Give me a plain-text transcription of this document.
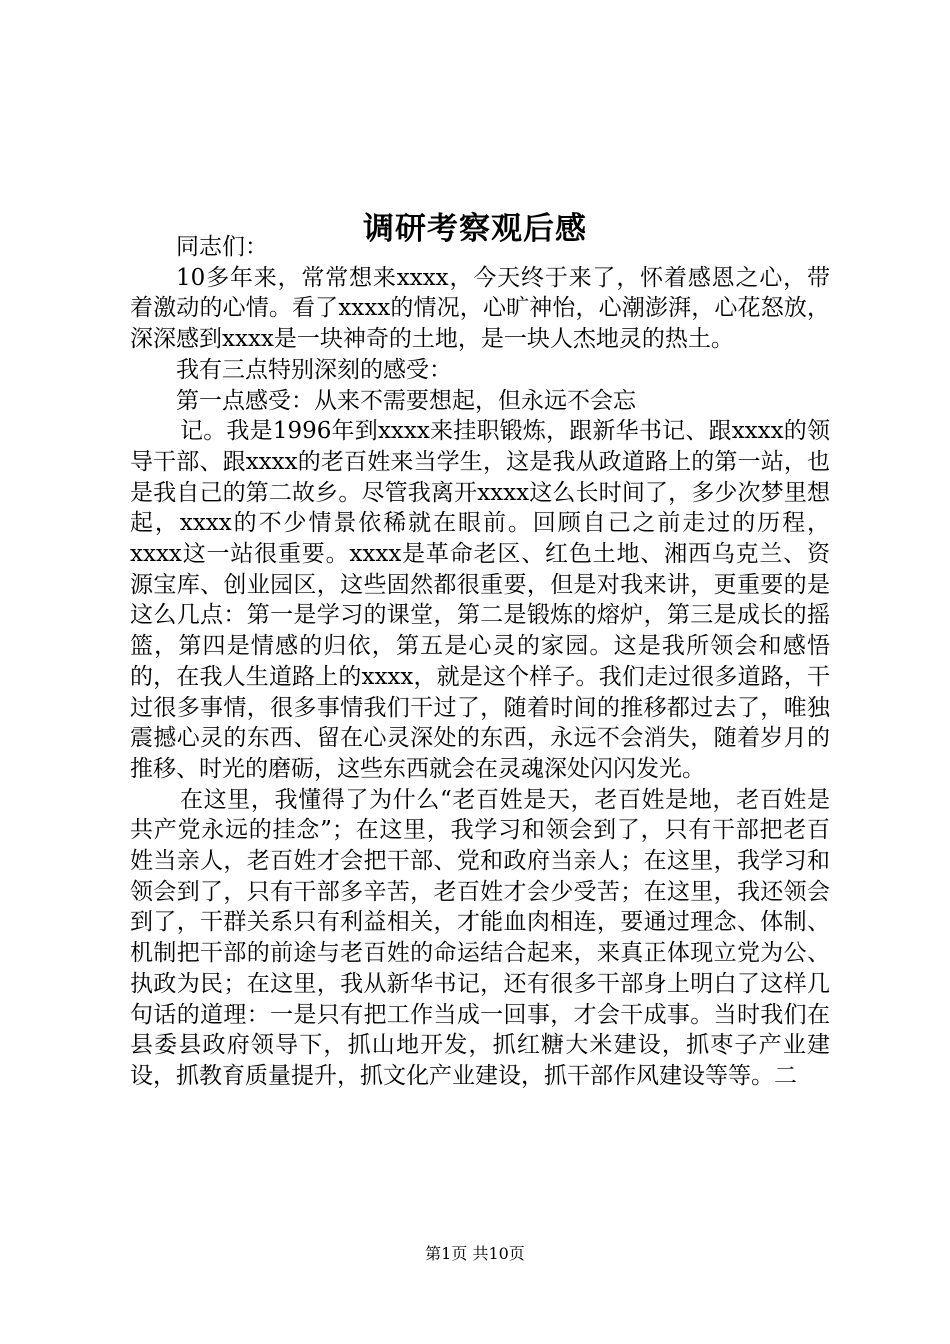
调研考察观后感

同志们：

10多年来，常常想来xxxx，今天终于来了，怀着感恩之心，带着激动的心情。看了xxxx的情况，心旷神怡，心潮澎湃，心花怒放，深深感到xxxx是一块神奇的土地，是一块人杰地灵的热土。

我有三点特别深刻的感受：

第一点感受：从来不需要想起，但永远不会忘

记。我是1996年到xxxx来挂职锻炼，跟新华书记、跟xxxx的领导干部、跟xxxx的老百姓来当学生，这是我从政道路上的第一站，也是我自己的第二故乡。尽管我离开xxxx这么长时间了，多少次梦里想起，xxxx的不少情景依稀就在眼前。回顾自己之前走过的历程，xxxx这一站很重要。xxxx是革命老区、红色土地、湘西乌克兰、资源宝库、创业园区，这些固然都很重要，但是对我来讲，更重要的是这么几点：第一是学习的课堂，第二是锻炼的熔炉，第三是成长的摇篮，第四是情感的归依，第五是心灵的家园。这是我所领会和感悟的，在我人生道路上的xxxx，就是这个样子。我们走过很多道路，干过很多事情，很多事情我们干过了，随着时间的推移都过去了，唯独震撼心灵的东西、留在心灵深处的东西，永远不会消失，随着岁月的推移、时光的磨砺，这些东西就会在灵魂深处闪闪发光。

在这里，我懂得了为什么“老百姓是天，老百姓是地，老百姓是共产党永远的挂念”；在这里，我学习和领会到了，只有干部把老百姓当亲人，老百姓才会把干部、党和政府当亲人；在这里，我学习和领会到了，只有干部多辛苦，老百姓才会少受苦；在这里，我还领会到了，干群关系只有利益相关，才能血肉相连，要通过理念、体制、机制把干部的前途与老百姓的命运结合起来，来真正体现立党为公、执政为民；在这里，我从新华书记，还有很多干部身上明白了这样几句话的道理：一是只有把工作当成一回事，才会干成事。当时我们在县委县政府领导下，抓山地开发，抓红糖大米建设，抓枣子产业建设，抓教育质量提升，抓文化产业建设，抓干部作风建设等等。二

第1页 共10页
